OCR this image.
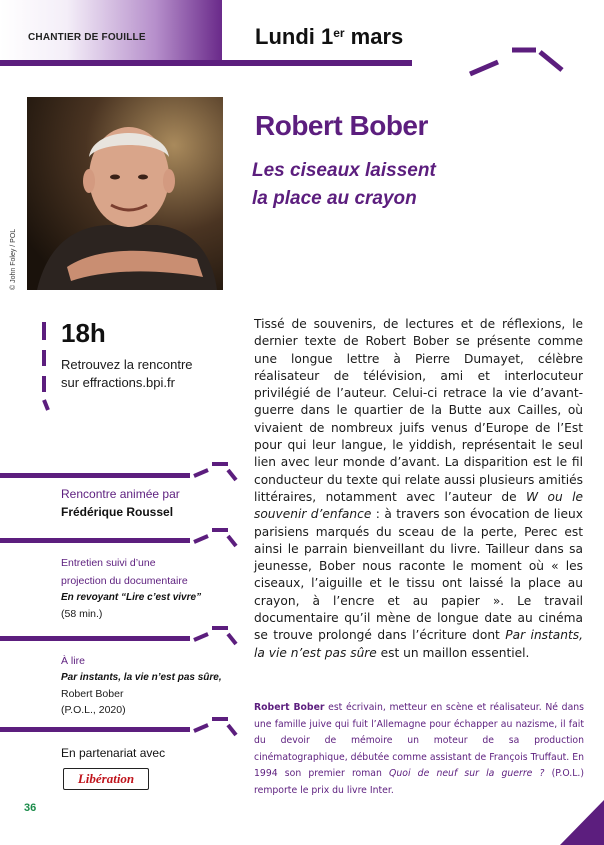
CHANTIER DE FOUILLE	Lundi 1er mars
© John Foley / POL
Robert Bober
Les ciseaux laissent
la place au crayon
18h
Retrouvez la rencontre
sur effractions.bpi.fr

Tissé de souvenirs, de lectures et de réflexions, le dernier texte de Robert Bober se présente comme une longue lettre à Pierre Dumayet, célèbre réalisateur de télévision, ami et interlocuteur privilégié de l’auteur. Celui-ci retrace la vie d’avant-guerre dans le quartier de la Butte aux Cailles, où vivaient de nombreux juifs venus d’Europe de l’Est pour qui leur langue, le yiddish, représentait le seul lien avec leur monde d’avant. La disparition est le fil conducteur du texte qui relate aussi plusieurs amitiés littéraires, notamment avec l’auteur de W ou le souvenir d’enfance : à travers son évocation de lieux parisiens marqués du sceau de la perte, Perec est ainsi le parrain bienveillant du livre. Tailleur dans sa jeunesse, Bober nous raconte le moment où « les ciseaux, l’aiguille et le tissu ont laissé la place au crayon, à l’encre et au papier ». Le travail documentaire qu’il mène de longue date au cinéma se trouve prolongé dans l’écriture dont Par instants, la vie n’est pas sûre est un maillon essentiel.

Robert Bober est écrivain, metteur en scène et réalisateur. Né dans une famille juive qui fuit l’Allemagne pour échapper au nazisme, il fait du devoir de mémoire un moteur de sa production cinématographique, débutée comme assistant de François Truffaut. En 1994 son premier roman Quoi de neuf sur la guerre ? (P.O.L.) remporte le prix du livre Inter.
Rencontre animée par
Frédérique Roussel
Entretien suivi d’une
projection du documentaire
En revoyant “Lire c’est vivre”
(58 min.)
À lire
Par instants, la vie n’est pas sûre,
Robert Bober
(P.O.L., 2020)
En partenariat avec
Libération
36
